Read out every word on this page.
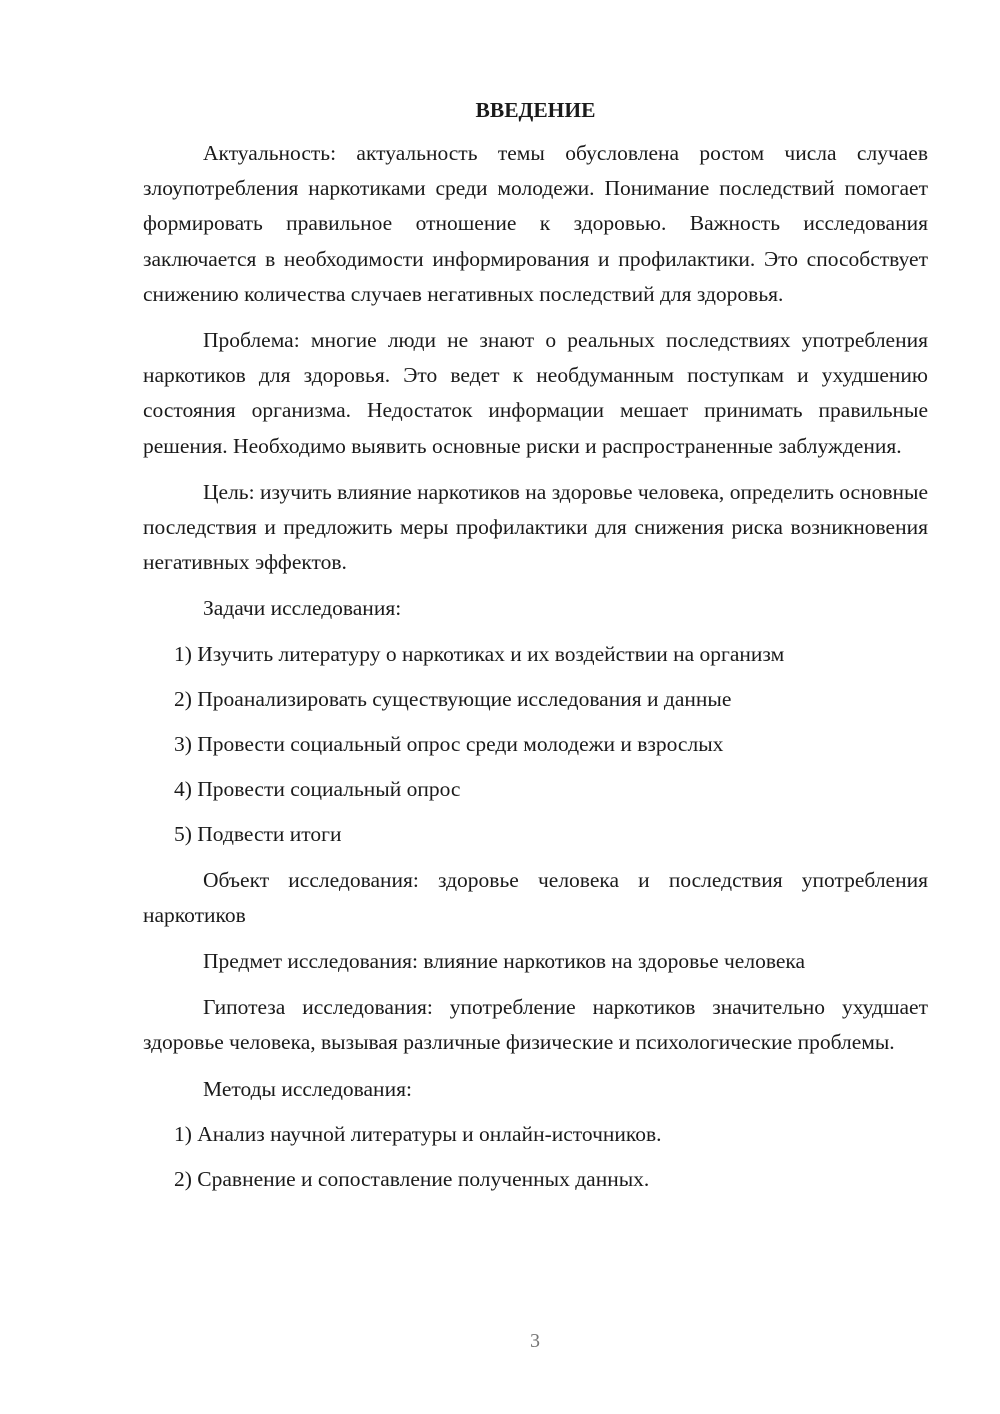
ВВЕДЕНИЕ

Актуальность: актуальность темы обусловлена ростом числа случаев злоупотребления наркотиками среди молодежи. Понимание последствий помогает формировать правильное отношение к здоровью. Важность исследования заключается в необходимости информирования и профилактики. Это способствует снижению количества случаев негативных последствий для здоровья.

Проблема: многие люди не знают о реальных последствиях употребления наркотиков для здоровья. Это ведет к необдуманным поступкам и ухудшению состояния организма. Недостаток информации мешает принимать правильные решения. Необходимо выявить основные риски и распространенные заблуждения.

Цель: изучить влияние наркотиков на здоровье человека, определить основные последствия и предложить меры профилактики для снижения риска возникновения негативных эффектов.

Задачи исследования:
1) Изучить литературу о наркотиках и их воздействии на организм
2) Проанализировать существующие исследования и данные
3) Провести социальный опрос среди молодежи и взрослых
4) Провести социальный опрос
5) Подвести итоги

Объект исследования: здоровье человека и последствия употребления наркотиков

Предмет исследования: влияние наркотиков на здоровье человека

Гипотеза исследования: употребление наркотиков значительно ухудшает здоровье человека, вызывая различные физические и психологические проблемы.

Методы исследования:
1) Анализ научной литературы и онлайн-источников.
2) Сравнение и сопоставление полученных данных.
3
